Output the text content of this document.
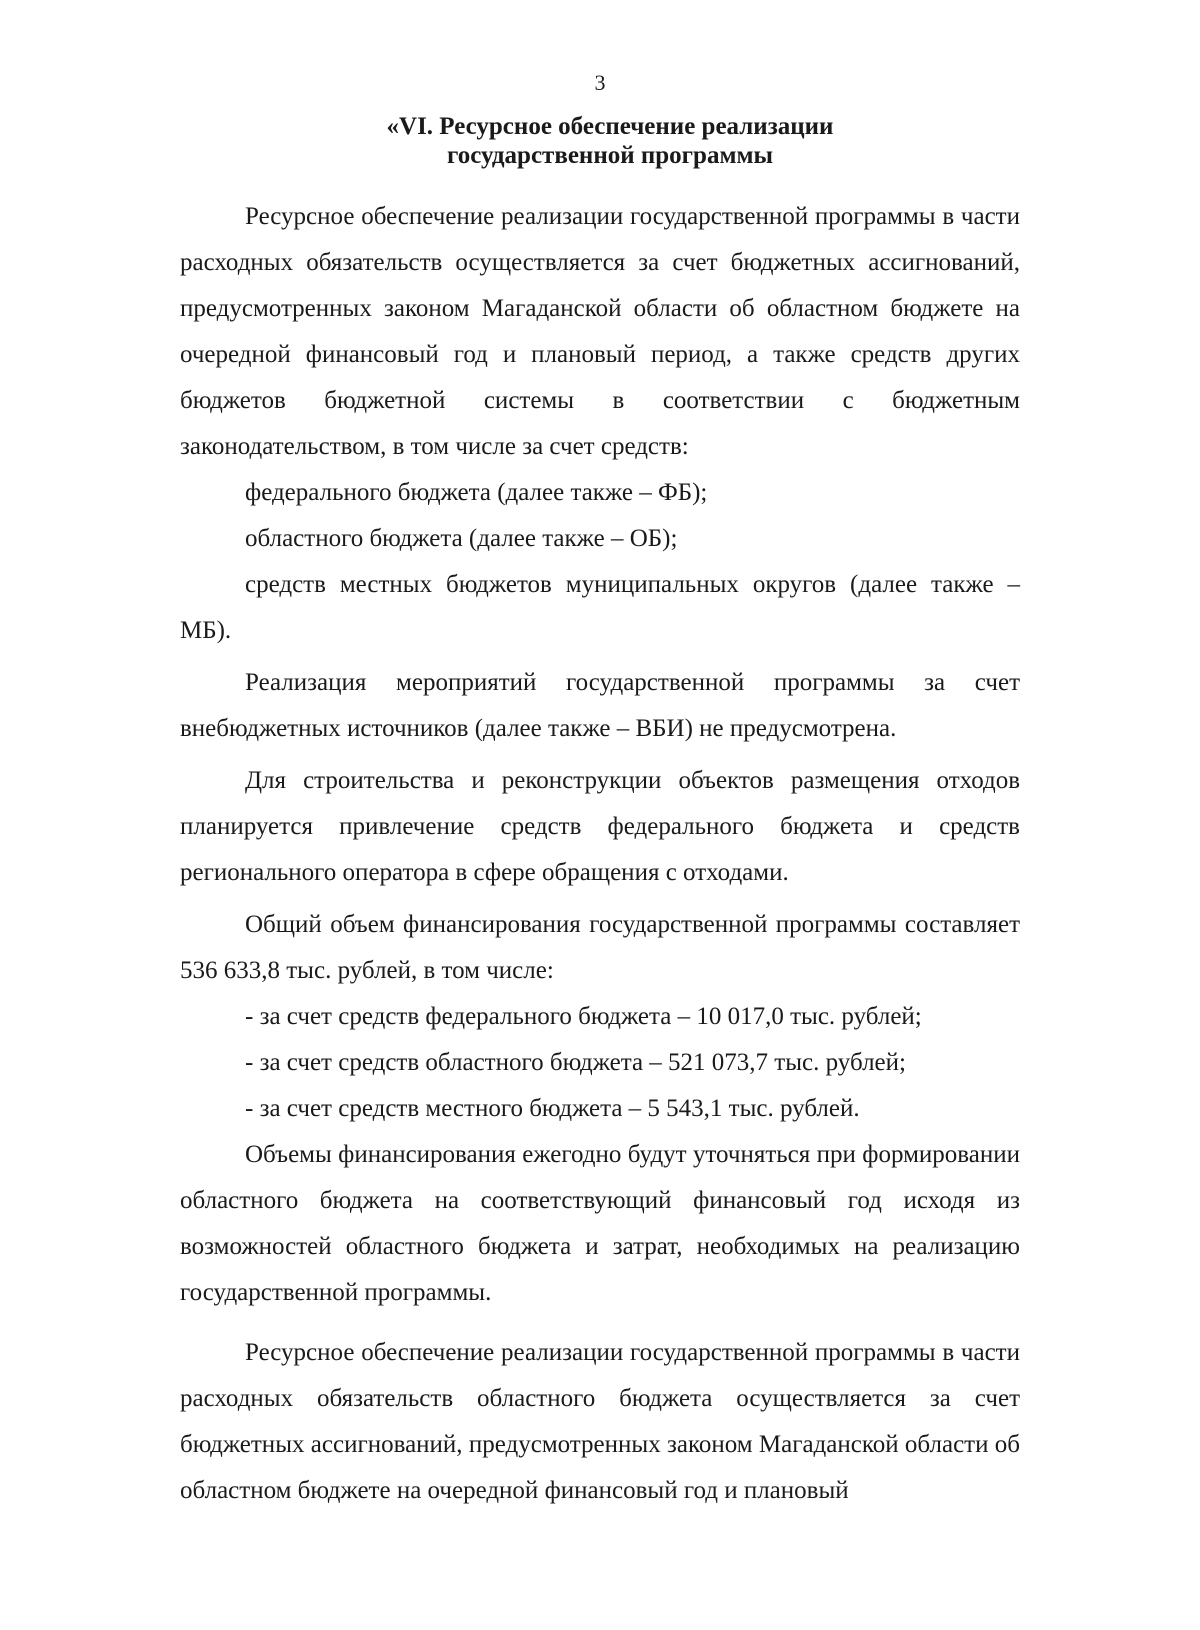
3
«VI. Ресурсное обеспечение реализации
государственной программы

Ресурсное обеспечение реализации государственной программы в части расходных обязательств осуществляется за счет бюджетных ассигнований, предусмотренных законом Магаданской области об областном бюджете на очередной финансовый год и плановый период, а также средств других бюджетов бюджетной системы в соответствии с бюджетным законодательством, в том числе за счет средств:

федерального бюджета (далее также – ФБ);

областного бюджета (далее также – ОБ);

средств местных бюджетов муниципальных округов (далее также – МБ).

Реализация мероприятий государственной программы за счет внебюджетных источников (далее также – ВБИ) не предусмотрена.

Для строительства и реконструкции объектов размещения отходов планируется привлечение средств федерального бюджета и средств регионального оператора в сфере обращения с отходами.

Общий объем финансирования государственной программы составляет 536 633,8 тыс. рублей, в том числе:

- за счет средств федерального бюджета – 10 017,0 тыс. рублей;

- за счет средств областного бюджета – 521 073,7 тыс. рублей;

- за счет средств местного бюджета – 5 543,1 тыс. рублей.

Объемы финансирования ежегодно будут уточняться при формировании областного бюджета на соответствующий финансовый год исходя из возможностей областного бюджета и затрат, необходимых на реализацию государственной программы.

Ресурсное обеспечение реализации государственной программы в части расходных обязательств областного бюджета осуществляется за счет бюджетных ассигнований, предусмотренных законом Магаданской области об областном бюджете на очередной финансовый год и плановый
